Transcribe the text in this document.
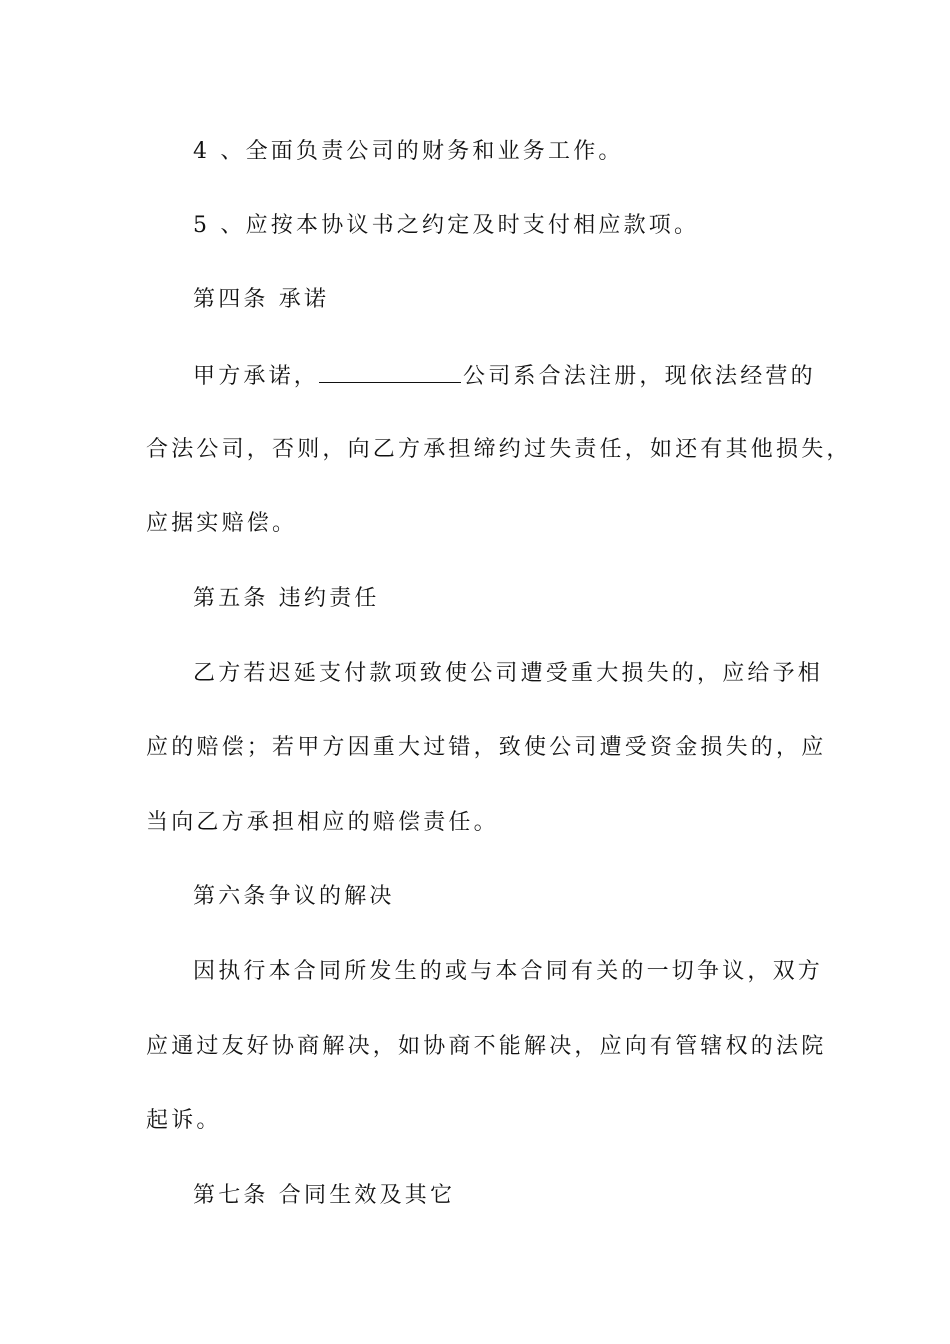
4 、全面负责公司的财务和业务工作。
5 、应按本协议书之约定及时支付相应款项。
第四条 承诺
甲方承诺，	公司系合法注册，现依法经营的
合法公司，否则，向乙方承担缔约过失责任，如还有其他损失，
应据实赔偿。
第五条 违约责任
乙方若迟延支付款项致使公司遭受重大损失的，应给予相
应的赔偿；若甲方因重大过错，致使公司遭受资金损失的，应
当向乙方承担相应的赔偿责任。
第六条争议的解决
因执行本合同所发生的或与本合同有关的一切争议，双方
应通过友好协商解决，如协商不能解决，应向有管辖权的法院
起诉。
第七条 合同生效及其它
